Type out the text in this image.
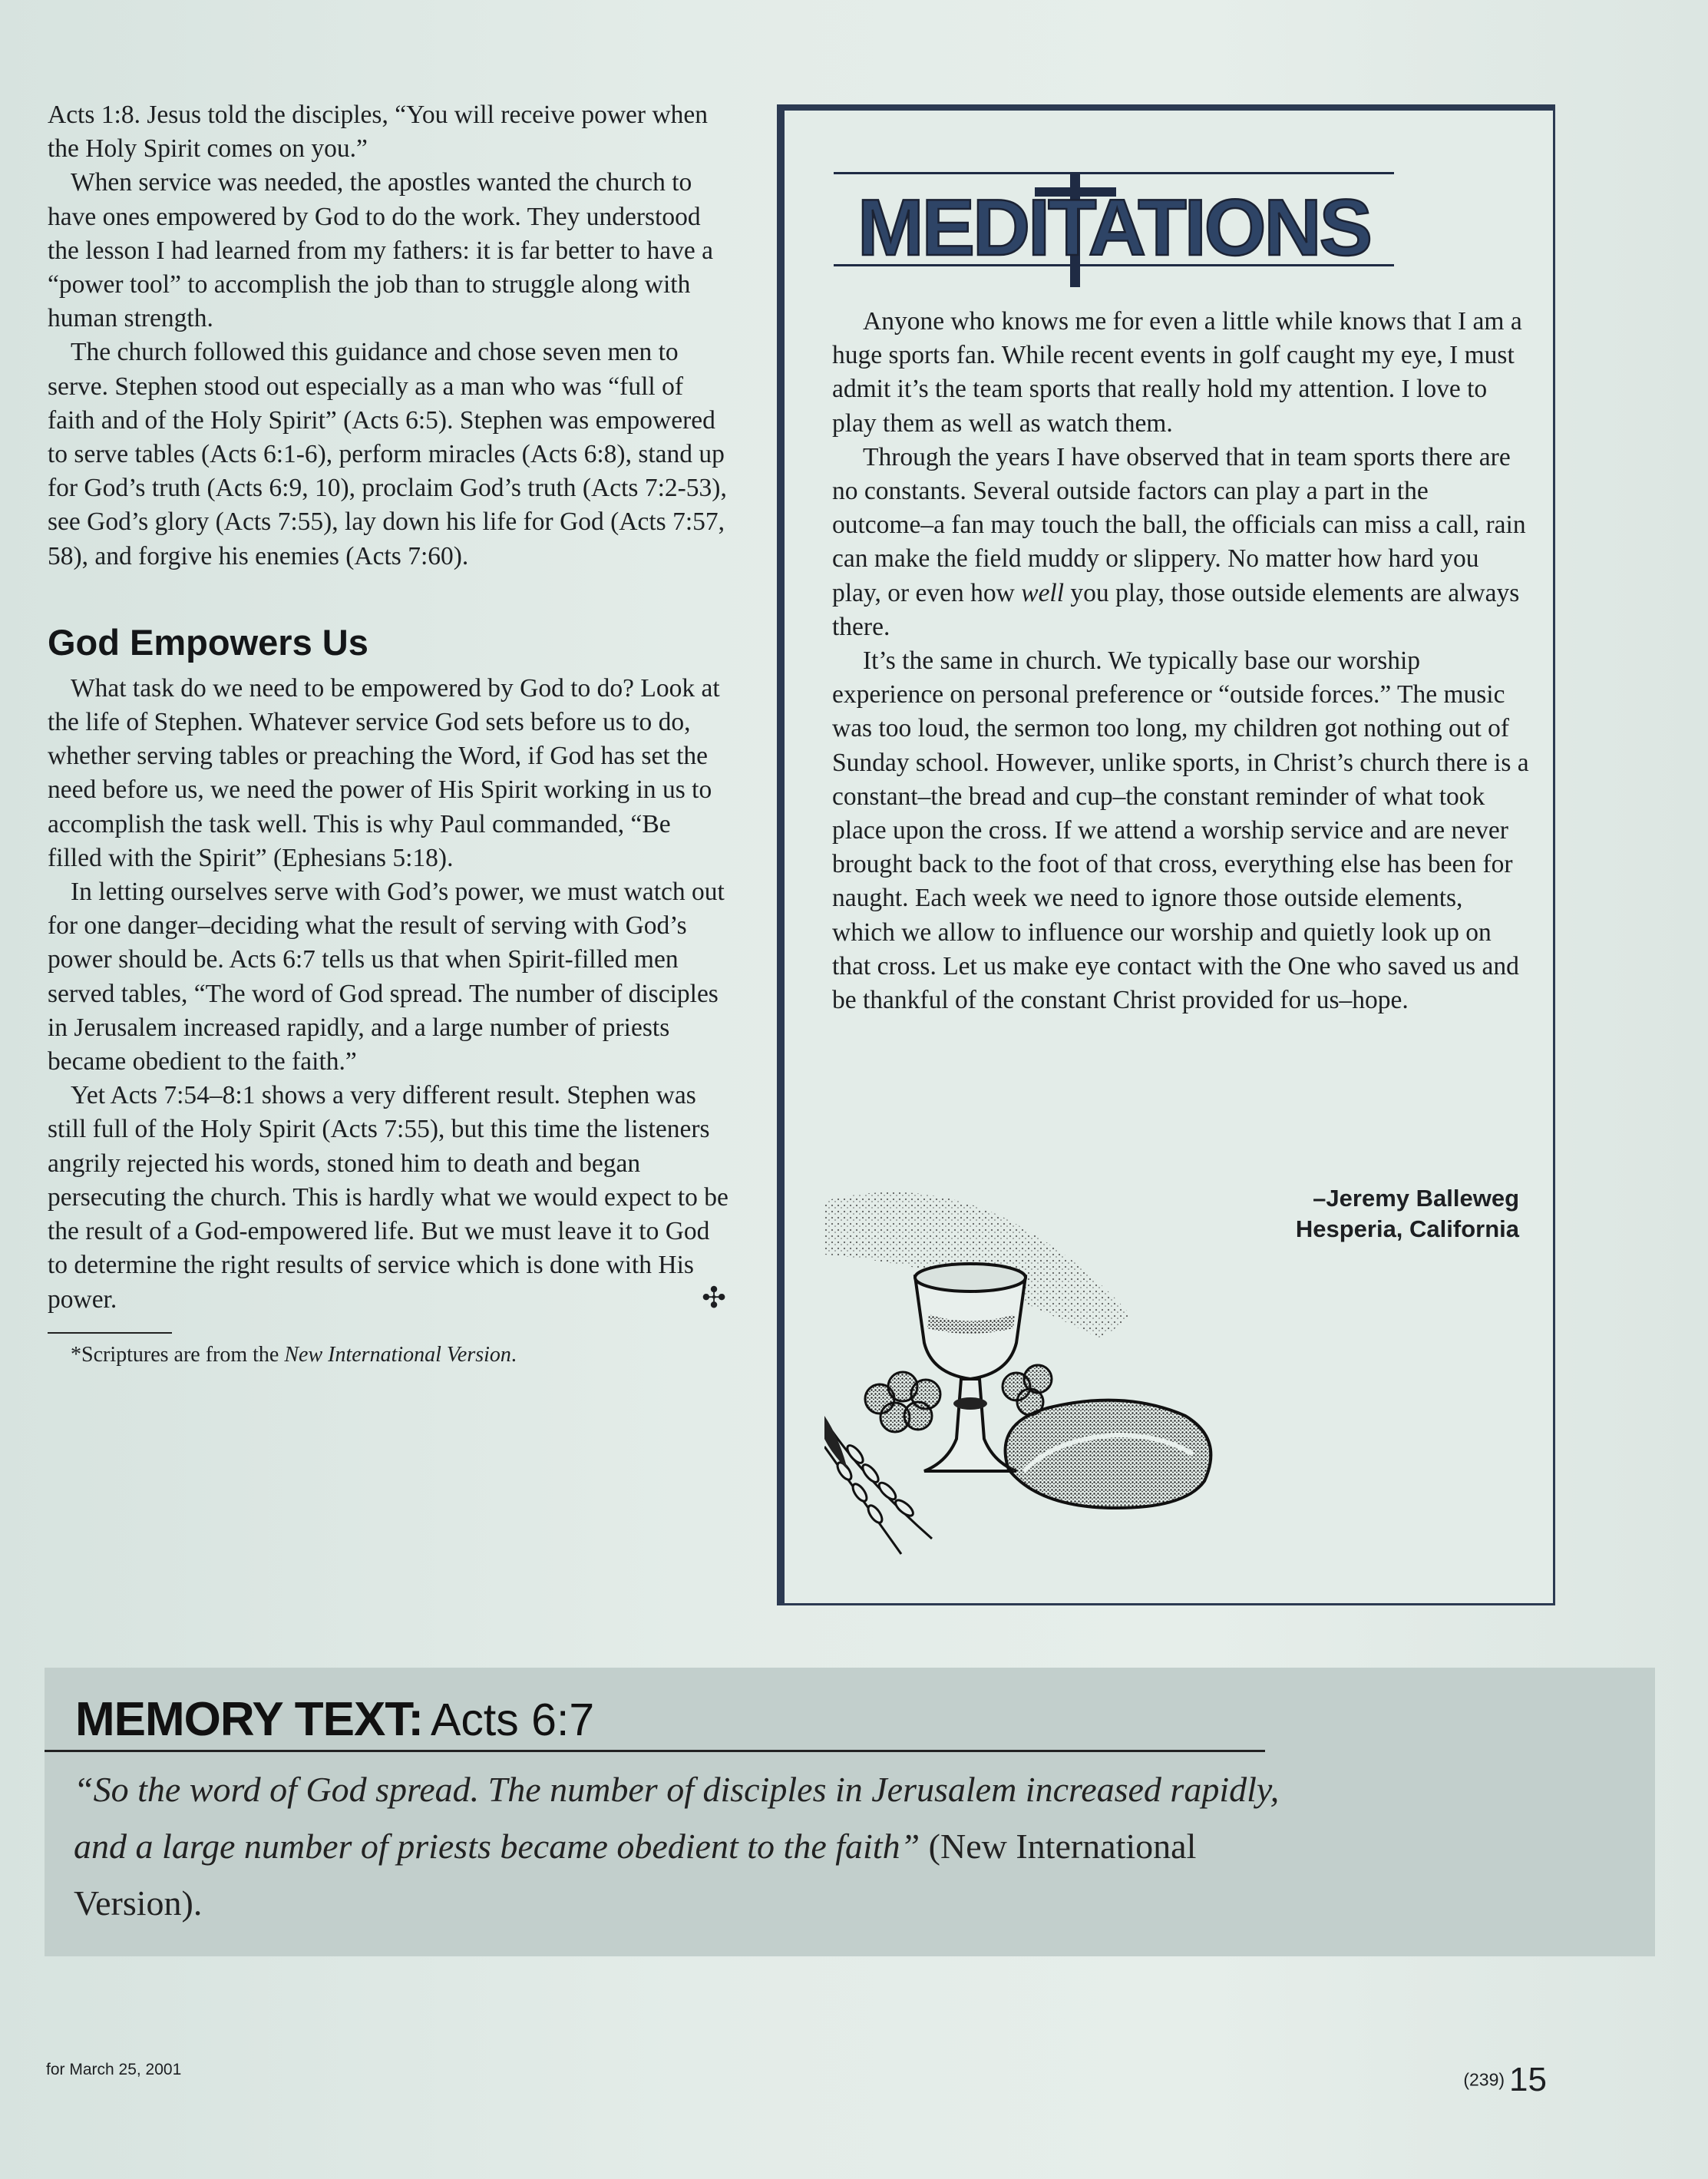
Acts 1:8. Jesus told the disciples, “You will receive power when the Holy Spirit comes on you.”

When service was needed, the apostles wanted the church to have ones empowered by God to do the work. They understood the lesson I had learned from my fathers: it is far better to have a “power tool” to accomplish the job than to struggle along with human strength.

The church followed this guidance and chose seven men to serve. Stephen stood out especially as a man who was “full of faith and of the Holy Spirit” (Acts 6:5). Stephen was empowered to serve tables (Acts 6:1-6), perform miracles (Acts 6:8), stand up for God’s truth (Acts 6:9, 10), proclaim God’s truth (Acts 7:2-53), see God’s glory (Acts 7:55), lay down his life for God (Acts 7:57, 58), and forgive his enemies (Acts 7:60).

God Empowers Us

What task do we need to be empowered by God to do? Look at the life of Stephen. Whatever service God sets before us to do, whether serving tables or preaching the Word, if God has set the need before us, we need the power of His Spirit working in us to accomplish the task well. This is why Paul commanded, “Be filled with the Spirit” (Ephesians 5:18).

In letting ourselves serve with God’s power, we must watch out for one danger–deciding what the result of serving with God’s power should be. Acts 6:7 tells us that when Spirit-filled men served tables, “The word of God spread. The number of disciples in Jerusalem increased rapidly, and a large number of priests became obedient to the faith.”

Yet Acts 7:54–8:1 shows a very different result. Stephen was still full of the Holy Spirit (Acts 7:55), but this time the listeners angrily rejected his words, stoned him to death and began persecuting the church. This is hardly what we would expect to be the result of a God-empowered life. But we must leave it to God to determine the right results of service which is done with His power.	✣

*Scriptures are from the New International Version.
MEDITATIONS

Anyone who knows me for even a little while knows that I am a huge sports fan. While recent events in golf caught my eye, I must admit it’s the team sports that really hold my attention. I love to play them as well as watch them.

Through the years I have observed that in team sports there are no constants. Several outside factors can play a part in the outcome–a fan may touch the ball, the officials can miss a call, rain can make the field muddy or slippery. No matter how hard you play, or even how well you play, those outside elements are always there.

It’s the same in church. We typically base our worship experience on personal preference or “outside forces.” The music was too loud, the sermon too long, my children got nothing out of Sunday school. However, unlike sports, in Christ’s church there is a constant–the bread and cup–the constant reminder of what took place upon the cross. If we attend a worship service and are never brought back to the foot of that cross, everything else has been for naught. Each week we need to ignore those outside elements, which we allow to influence our worship and quietly look up on that cross. Let us make eye contact with the One who saved us and be thankful of the constant Christ provided for us–hope.

–Jeremy Balleweg
Hesperia, California
MEMORY TEXT: Acts 6:7
“So the word of God spread. The number of disciples in Jerusalem increased rapidly, and a large number of priests became obedient to the faith” (New International Version).
for March 25, 2001	(239) 15
